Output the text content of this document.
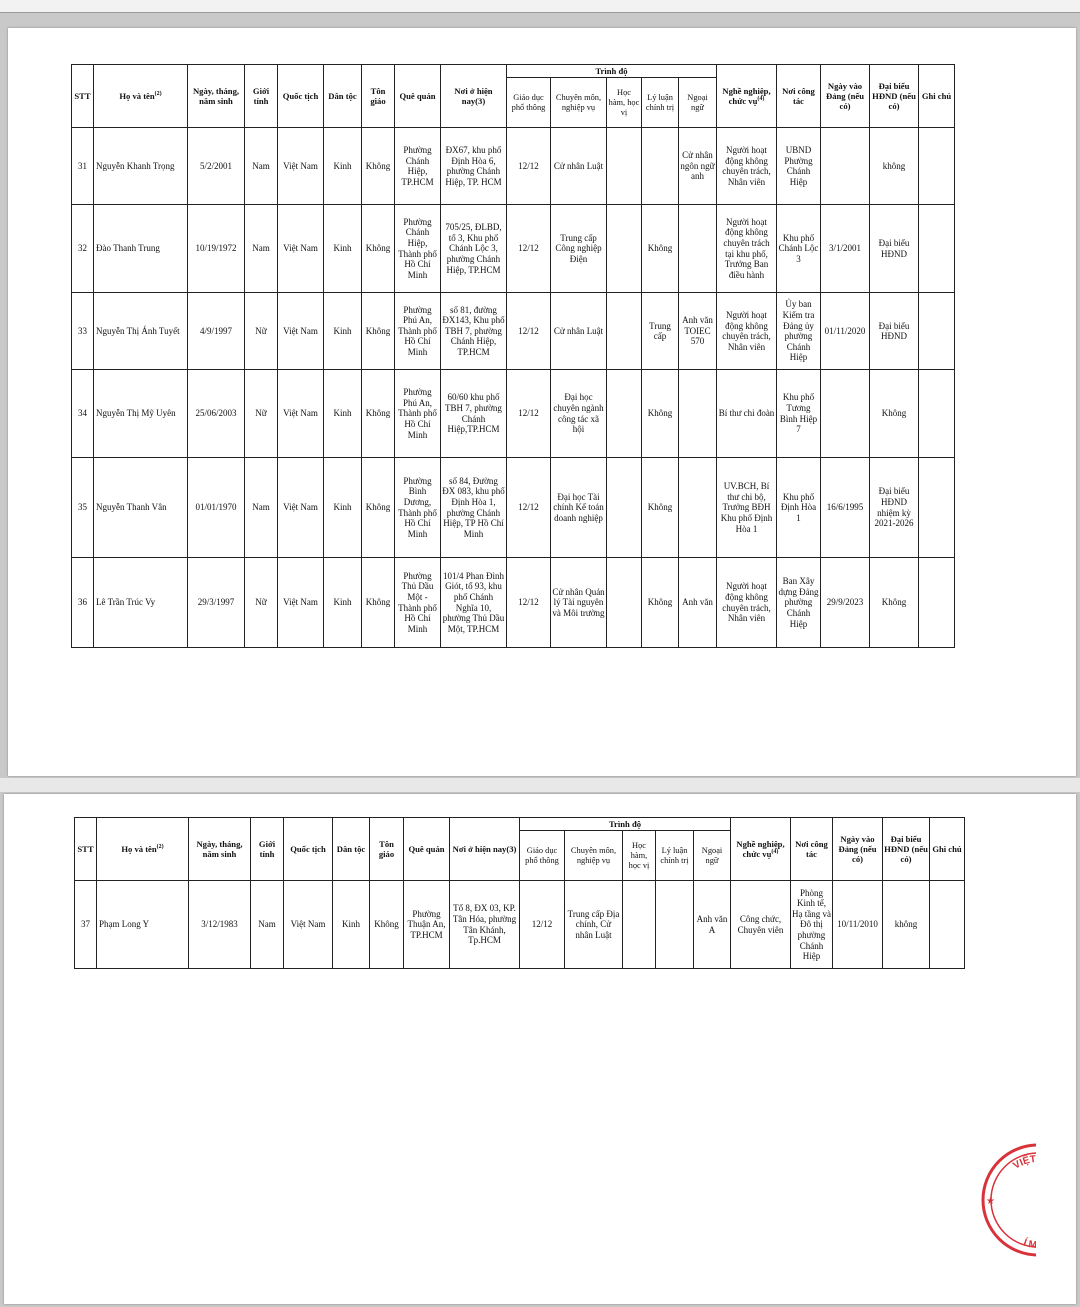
STT	Họ và tên$^{(2)}$	Ngày, tháng, năm sinh	Giới tính	Quốc tịch	Dân tộc	Tôn giáo	Quê quán	Nơi ở hiện nay(3)	Trình độ					Nghề nghiệp, chức vụ$^{(4)}$	Nơi công tác	Ngày vào Đảng (nếu có)	Đại biểu HĐND (nếu có)	Ghi chú
									Giáo dục phổ thông	Chuyên môn, nghiệp vụ	Học hàm, học vị	Lý luận chính trị	Ngoại ngữ					
31	Nguyễn Khanh Trọng	5/2/2001	Nam	Việt Nam	Kinh	Không	Phường Chánh Hiệp, TP.HCM	ĐX67, khu phố Định Hòa 6, phường Chánh Hiệp, TP. HCM	12/12	Cử nhân Luật			Cử nhân ngôn ngữ anh	Người hoạt động không chuyên trách, Nhân viên	UBND Phường Chánh Hiệp		không	
32	Đào Thanh Trung	10/19/1972	Nam	Việt Nam	Kinh	Không	Phường Chánh Hiệp, Thành phố Hồ Chí Minh	705/25, ĐLBD, tổ 3, Khu phố Chánh Lộc 3, phường Chánh Hiệp, TP.HCM	12/12	Trung cấp Công nghiệp Điện		Không		Người hoạt động không chuyên trách tại khu phố, Trưởng Ban điều hành	Khu phố Chánh Lộc 3	3/1/2001	Đại biểu HĐND	
33	Nguyễn Thị Ánh Tuyết	4/9/1997	Nữ	Việt Nam	Kinh	Không	Phường Phú An, Thành phố Hồ Chí Minh	số 81, đường ĐX143, Khu phố TBH 7, phường Chánh Hiệp, TP.HCM	12/12	Cử nhân Luật		Trung cấp	Anh văn TOIEC 570	Người hoạt động không chuyên trách, Nhân viên	Ủy ban Kiểm tra Đảng ủy phường Chánh Hiệp	01/11/2020	Đại biểu HĐND	
34	Nguyễn Thị Mỹ Uyên	25/06/2003	Nữ	Việt Nam	Kinh	Không	Phường Phú An, Thành phố Hồ Chí Minh	60/60 khu phố TBH 7, phường Chánh Hiệp,TP.HCM	12/12	Đại học chuyên ngành công tác xã hội		Không		Bí thư chi đoàn	Khu phố Tương Bình Hiệp 7		Không	
35	Nguyễn Thanh Vân	01/01/1970	Nam	Việt Nam	Kinh	Không	Phường Bình Dương, Thành phố Hồ Chí Minh	số 84, Đường ĐX 083, khu phố Định Hòa 1, phường Chánh Hiệp, TP Hồ Chí Minh	12/12	Đại học Tài chính Kế toán doanh nghiệp		Không		UV.BCH, Bí thư chi bộ, Trưởng BĐH Khu phố Định Hòa 1	Khu phố Định Hòa 1	16/6/1995	Đại biểu HĐND nhiệm kỳ 2021-2026	
36	Lê Trần Trúc Vy	29/3/1997	Nữ	Việt Nam	Kinh	Không	Phường Thủ Dầu Một - Thành phố Hồ Chí Minh	101/4 Phan Đình Giót, tổ 93, khu phố Chánh Nghĩa 10, phường Thủ Dầu Một, TP.HCM	12/12	Cử nhân Quản lý Tài nguyên và Môi trường		Không	Anh văn	Người hoạt động không chuyên trách, Nhân viên	Ban Xây dựng Đảng phường Chánh Hiệp	29/9/2023	Không	
STT	Họ và tên$^{(2)}$	Ngày, tháng, năm sinh	Giới tính	Quốc tịch	Dân tộc	Tôn giáo	Quê quán	Nơi ở hiện nay(3)	Trình độ					Nghề nghiệp, chức vụ$^{(4)}$	Nơi công tác	Ngày vào Đảng (nếu có)	Đại biểu HĐND (nếu có)	Ghi chú
									Giáo dục phổ thông	Chuyên môn, nghiệp vụ	Học hàm, học vị	Lý luận chính trị	Ngoại ngữ					
37	Phạm Long Y	3/12/1983	Nam	Việt Nam	Kinh	Không	Phường Thuận An, TP.HCM	Tổ 8, ĐX 03, KP. Tân Hóa, phường Tân Khánh, Tp.HCM	12/12	Trung cấp Địa chính, Cử nhân Luật			Anh văn A	Công chức, Chuyên viên	Phòng Kinh tế, Hạ tầng và Đô thị phường Chánh Hiệp	10/11/2010	không	
VIỆT NAM
Í MINH
★
